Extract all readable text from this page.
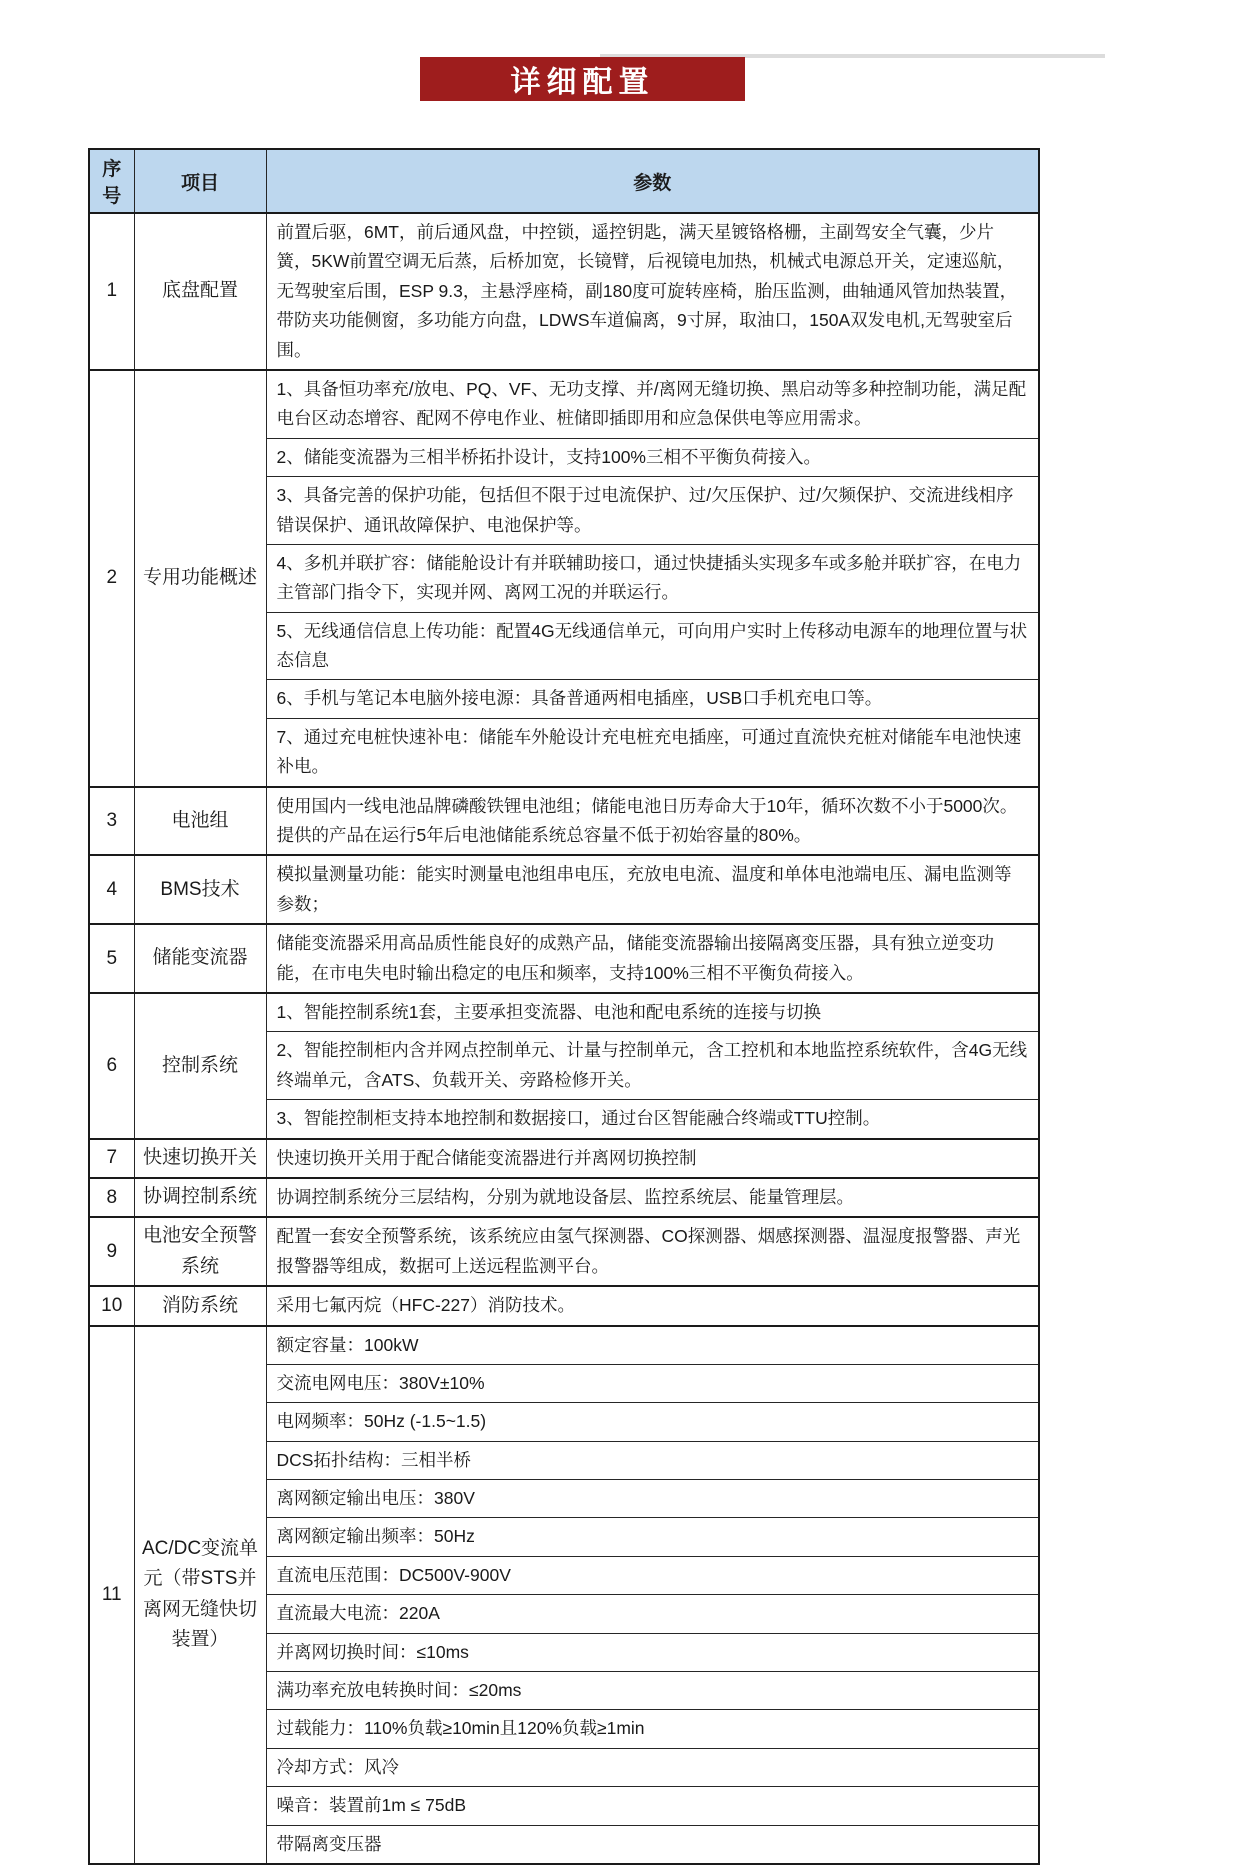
详细配置
序号	项目	参数
1	底盘配置	前置后驱，6MT，前后通风盘，中控锁，遥控钥匙，满天星镀铬格栅，主副驾安全气囊，少片簧，5KW前置空调无后蒸，后桥加宽，长镜臂，后视镜电加热，机械式电源总开关，定速巡航，无驾驶室后围，ESP 9.3，主悬浮座椅，副180度可旋转座椅，胎压监测，曲轴通风管加热装置，带防夹功能侧窗，多功能方向盘，LDWS车道偏离，9寸屏，取油口，150A双发电机,无驾驶室后围。
2	专用功能概述	1、具备恒功率充/放电、PQ、VF、无功支撑、并/离网无缝切换、黑启动等多种控制功能，满足配电台区动态增容、配网不停电作业、桩储即插即用和应急保供电等应用需求。
		2、储能变流器为三相半桥拓扑设计，支持100%三相不平衡负荷接入。
		3、具备完善的保护功能，包括但不限于过电流保护、过/欠压保护、过/欠频保护、交流进线相序错误保护、通讯故障保护、电池保护等。
		4、多机并联扩容：储能舱设计有并联辅助接口，通过快捷插头实现多车或多舱并联扩容，在电力主管部门指令下，实现并网、离网工况的并联运行。
		5、无线通信信息上传功能：配置4G无线通信单元，可向用户实时上传移动电源车的地理位置与状态信息
		6、手机与笔记本电脑外接电源：具备普通两相电插座，USB口手机充电口等。
		7、通过充电桩快速补电：储能车外舱设计充电桩充电插座，可通过直流快充桩对储能车电池快速补电。
3	电池组	使用国内一线电池品牌磷酸铁锂电池组；储能电池日历寿命大于10年，循环次数不小于5000次。提供的产品在运行5年后电池储能系统总容量不低于初始容量的80%。
4	BMS技术	模拟量测量功能：能实时测量电池组串电压，充放电电流、温度和单体电池端电压、漏电监测等参数；
5	储能变流器	储能变流器采用高品质性能良好的成熟产品，储能变流器输出接隔离变压器，具有独立逆变功能，在市电失电时输出稳定的电压和频率，支持100%三相不平衡负荷接入。
6	控制系统	1、智能控制系统1套，主要承担变流器、电池和配电系统的连接与切换
		2、智能控制柜内含并网点控制单元、计量与控制单元，含工控机和本地监控系统软件，含4G无线终端单元，含ATS、负载开关、旁路检修开关。
		3、智能控制柜支持本地控制和数据接口，通过台区智能融合终端或TTU控制。
7	快速切换开关	快速切换开关用于配合储能变流器进行并离网切换控制
8	协调控制系统	协调控制系统分三层结构，分别为就地设备层、监控系统层、能量管理层。
9	电池安全预警系统	配置一套安全预警系统，该系统应由氢气探测器、CO探测器、烟感探测器、温湿度报警器、声光报警器等组成，数据可上送远程监测平台。
10	消防系统	采用七氟丙烷（HFC-227）消防技术。
11	AC/DC变流单元（带STS并离网无缝快切装置）	额定容量：100kW
		交流电网电压：380V±10%
		电网频率：50Hz (-1.5~1.5)
		DCS拓扑结构：三相半桥
		离网额定输出电压：380V
		离网额定输出频率：50Hz
		直流电压范围：DC500V-900V
		直流最大电流：220A
		并离网切换时间：≤10ms
		满功率充放电转换时间：≤20ms
		过载能力：110%负载≥10min且120%负载≥1min
		冷却方式：风冷
		噪音：装置前1m ≤ 75dB
		带隔离变压器
